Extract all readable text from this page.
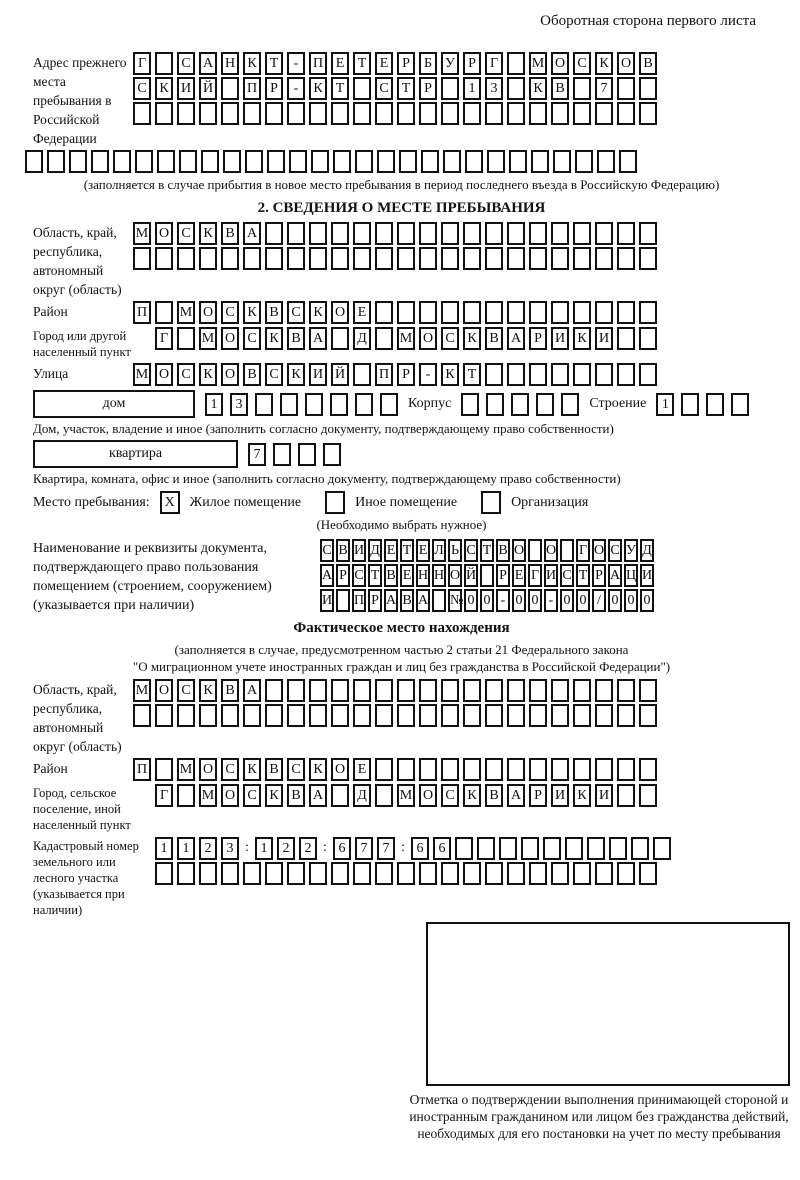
Оборотная сторона первого листа
Адрес прежнего места пребывания в Российской Федерации
Г	С А Н К Т	-	П Е Т Е Р	Б У Р	Г	М О С К О В
С К И Й П Р	-	К Т	С Т Р	1	3	К В	7
(заполняется в случае прибытия в новое место пребывания в период последнего въезда в Российскую Федерацию)
2. СВЕДЕНИЯ О МЕСТЕ ПРЕБЫВАНИЯ
Область, край, республика, автономный округ (область)
М О С К В А
Район	П М О С К В С К О Е
Город или другой населенный пункт
Г	М О С К В А	Д	М О С К В А Р И К И
Улица	М О С К О В С К И Й П Р	-	К Т
дом	1	3	Корпус	Строение	1
Дом, участок, владение и иное (заполнить согласно документу, подтверждающему право собственности)
квартира	7
Квартира, комната, офис и иное (заполнить согласно документу, подтверждающему право собственности)
Место пребывания:	X	Жилое помещение	Иное помещение	Организация
(Необходимо выбрать нужное)
Наименование и реквизиты документа, подтверждающего право пользования помещением (строением, сооружением) (указывается при наличии)
С В И Д Е Т Е Л Ь С Т В О О Г О С У Д
А Р С Т В Е Н Н О Й Р Е Г И С Т Р А Ц И
И П Р А В А № 0 0 - 0 0 - 0 0 / 0 0 0
Фактическое место нахождения
(заполняется в случае, предусмотренном частью 2 статьи 21 Федерального закона
"О миграционном учете иностранных граждан и лиц без гражданства в Российской Федерации")
Область, край, республика, автономный округ (область)
М О С К В А
Район	П М О С К В С К О Е
Город, сельское поселение, иной населенный пункт
Г	М О С К В А	Д	М О С К В А Р И К И
Кадастровый номер земельного или лесного участка (указывается при наличии)
1	1	2	3 : 1	2	2 : 6	7	7 : 6	6
Отметка о подтверждении выполнения принимающей стороной и иностранным гражданином или лицом без гражданства действий, необходимых для его постановки на учет по месту пребывания
